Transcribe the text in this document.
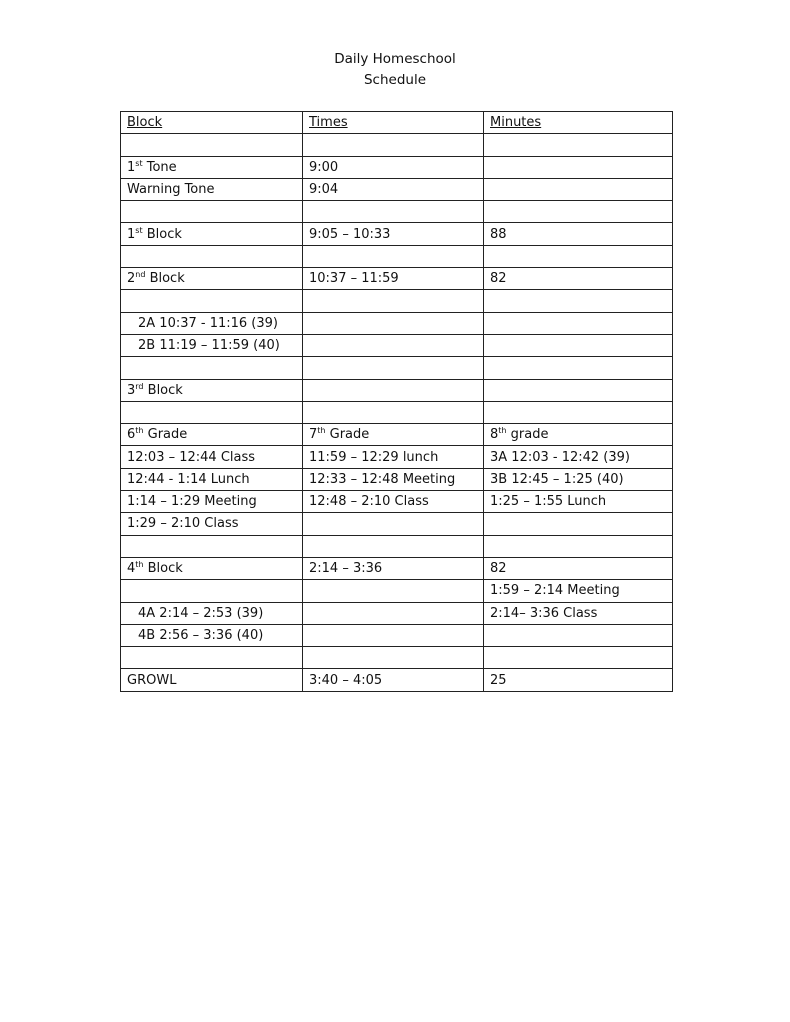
Daily Homeschool
Schedule
Block	Times	Minutes

1st Tone	9:00	
Warning Tone	9:04	

1st Block	9:05 – 10:33	88

2nd Block	10:37 – 11:59	82

2A 10:37 - 11:16 (39)		
2B 11:19 – 11:59 (40)		

3rd Block		

6th Grade	7th Grade	8th grade
12:03 – 12:44 Class	11:59 – 12:29 lunch	3A 12:03 - 12:42 (39)
12:44 - 1:14 Lunch	12:33 – 12:48 Meeting	3B 12:45 – 1:25 (40)
1:14 – 1:29 Meeting	12:48 – 2:10 Class	1:25 – 1:55 Lunch
1:29 – 2:10 Class		

4th Block	2:14 – 3:36	82
		1:59 – 2:14 Meeting
4A 2:14 – 2:53 (39)		2:14– 3:36 Class
4B 2:56 – 3:36 (40)		

GROWL	3:40 – 4:05	25
